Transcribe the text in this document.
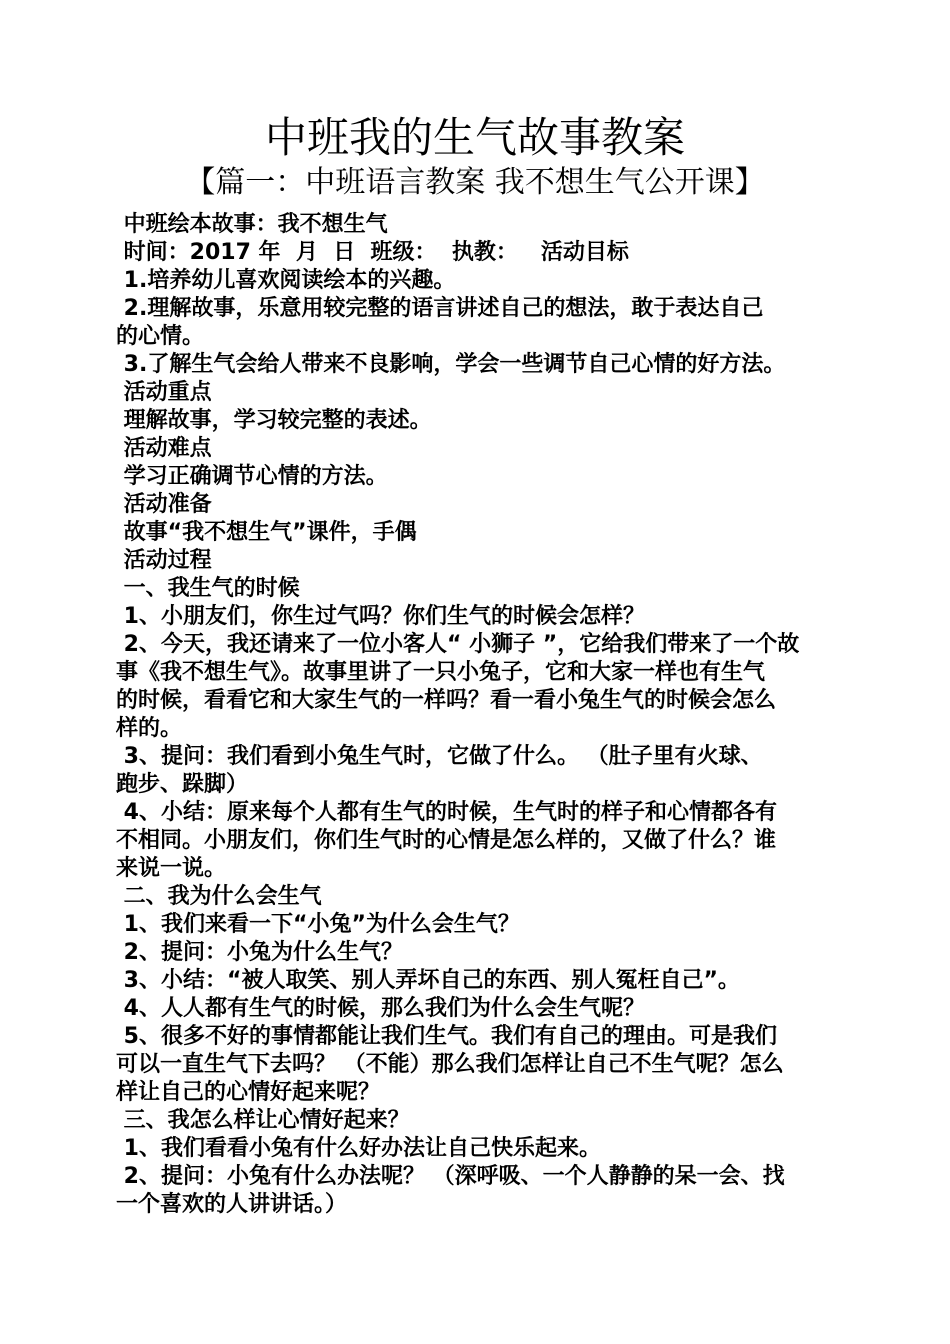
中班我的生气故事教案
【篇一：中班语言教案 我不想生气公开课】

中班绘本故事：我不想生气

时间：2017 年  月  日  班级：  执教：   活动目标

1.培养幼儿喜欢阅读绘本的兴趣。

2.理解故事，乐意用较完整的语言讲述自己的想法，敢于表达自己

的心情。

3.了解生气会给人带来不良影响，学会一些调节自己心情的好方法。

活动重点

理解故事，学习较完整的表述。

活动难点

学习正确调节心情的方法。

活动准备

故事“我不想生气”课件，手偶

活动过程

一、我生气的时候

1、小朋友们，你生过气吗？你们生气的时候会怎样？

2、今天，我还请来了一位小客人“ 小狮子 ”，它给我们带来了一个故

事《我不想生气》。故事里讲了一只小兔子，它和大家一样也有生气

的时候，看看它和大家生气的一样吗？看一看小兔生气的时候会怎么

样的。

3、提问：我们看到小兔生气时，它做了什么。 （肚子里有火球、

跑步、跺脚）

4、小结：原来每个人都有生气的时候，生气时的样子和心情都各有

不相同。小朋友们，你们生气时的心情是怎么样的，又做了什么？谁

来说一说。

二、我为什么会生气

1、我们来看一下“小兔”为什么会生气？

2、提问：小兔为什么生气？

3、小结：“被人取笑、别人弄坏自己的东西、别人冤枉自己”。

4、人人都有生气的时候，那么我们为什么会生气呢？

5、很多不好的事情都能让我们生气。我们有自己的理由。可是我们

可以一直生气下去吗？ （不能）那么我们怎样让自己不生气呢？怎么

样让自己的心情好起来呢？

三、我怎么样让心情好起来？

1、我们看看小兔有什么好办法让自己快乐起来。

2、提问：小兔有什么办法呢？ （深呼吸、一个人静静的呆一会、找

一个喜欢的人讲讲话。）
